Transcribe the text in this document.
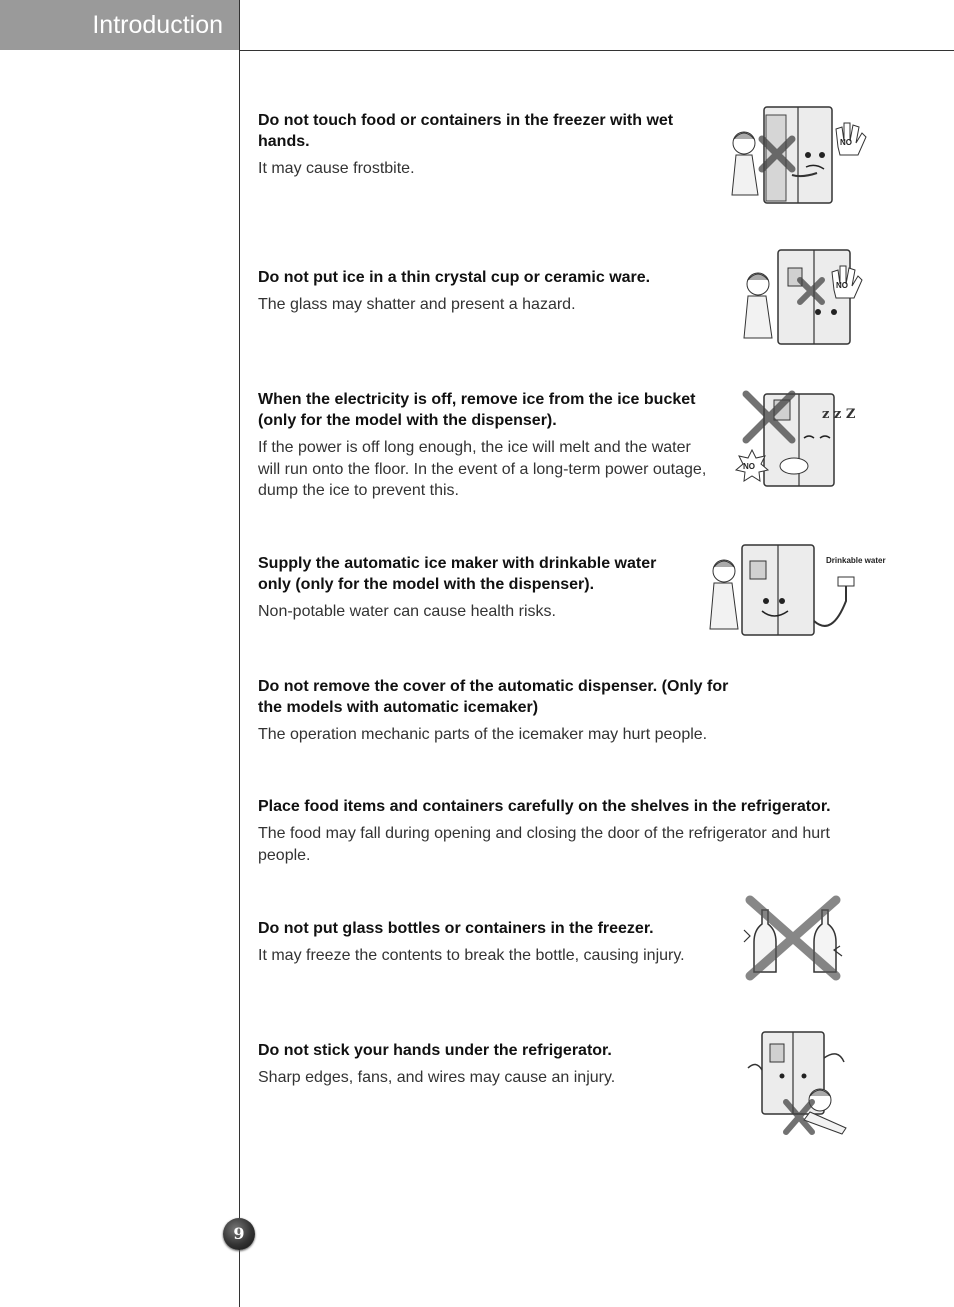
Introduction

Do not touch food or containers in the freezer with wet hands.

It may cause frostbite.

NO

Do not put ice in a thin crystal cup or ceramic ware.

The glass may shatter and present a hazard.

NO

When the electricity is off, remove ice from the ice bucket (only for the model with the dispenser).

If the power is off long enough, the ice will melt and the water will run onto the floor. In the event of a long-term power outage, dump the ice to prevent this.

z z Z
NO

Supply the automatic ice maker with drinkable water only (only for the model with the dispenser).

Non-potable water can cause health risks.

Drinkable water

Do not remove the cover of the automatic dispenser. (Only for the models with automatic icemaker)

The operation mechanic parts of the icemaker may hurt people.

Place food items and containers carefully on the shelves in the refrigerator.

The food may fall during opening and closing the door of the refrigerator and hurt people.

Do not put glass bottles or containers in the freezer.

It may freeze the contents to break the bottle, causing injury.

Do not stick your hands under the refrigerator.

Sharp edges, fans, and wires may cause an injury.

9
